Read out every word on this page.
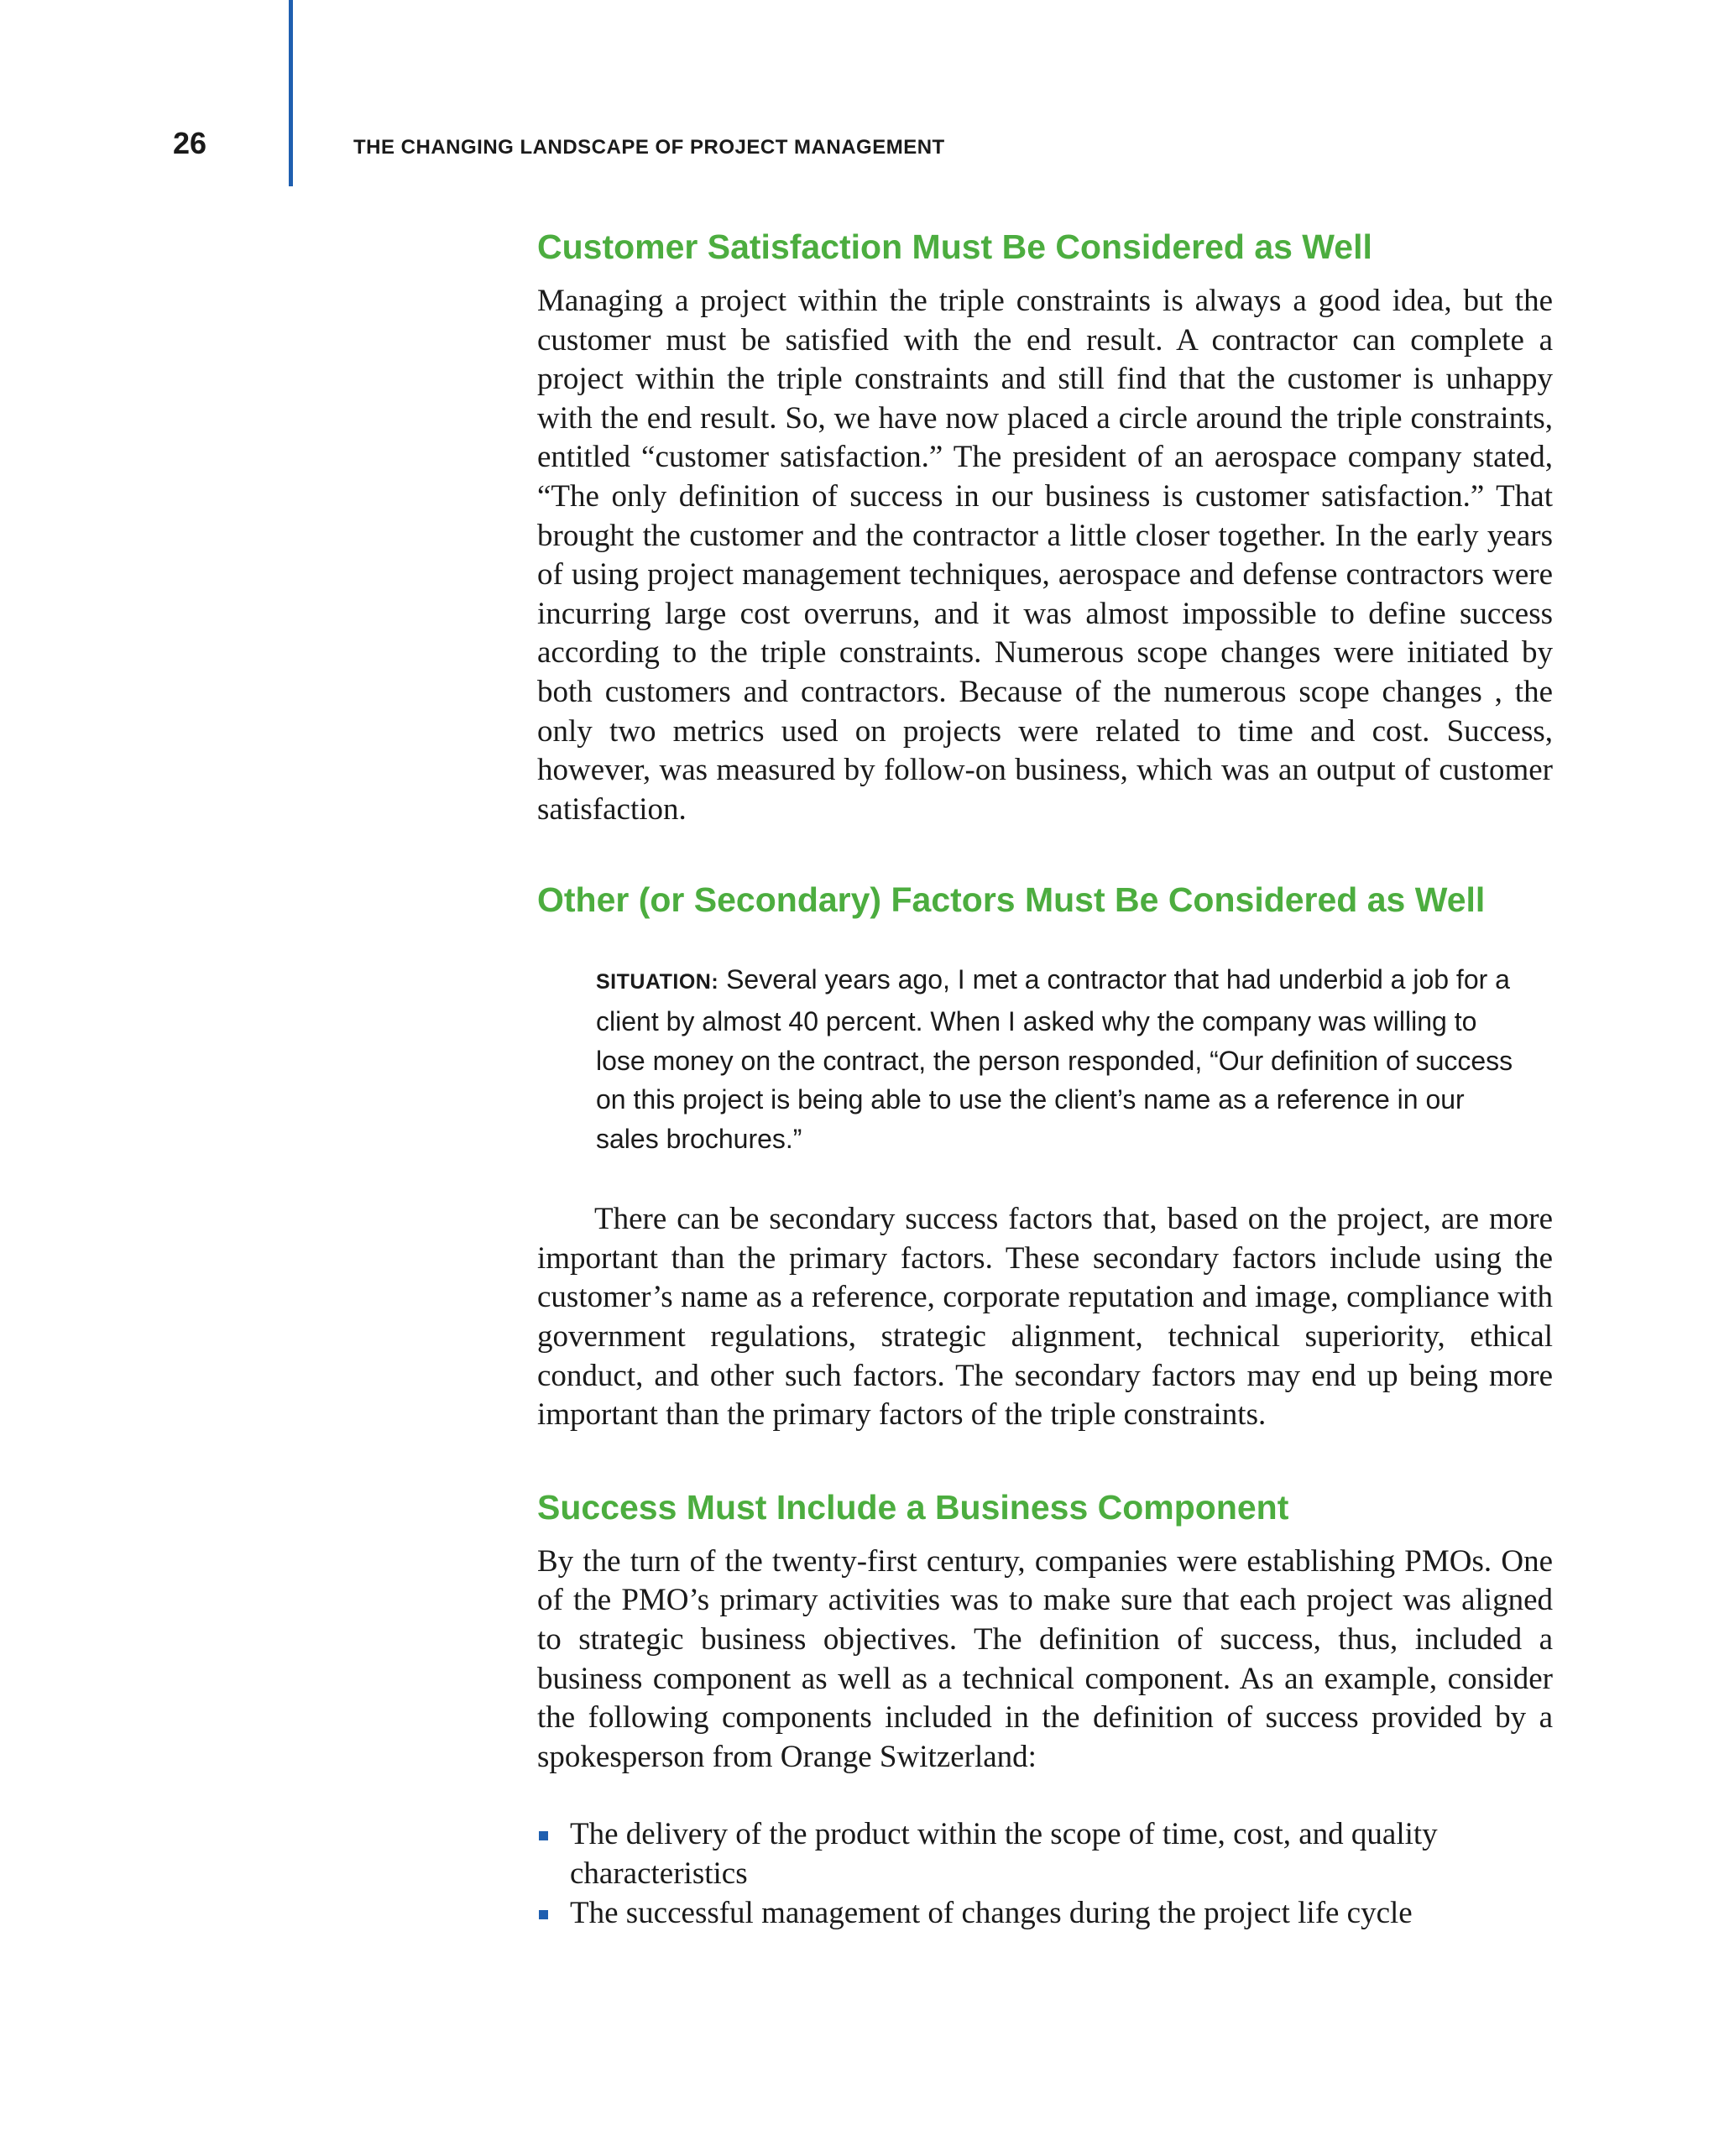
26	THE CHANGING LANDSCAPE OF PROJECT MANAGEMENT
Customer Satisfaction Must Be Considered as Well

Managing a project within the triple constraints is always a good idea, but the customer must be satisfied with the end result. A contractor can complete a project within the triple constraints and still find that the customer is unhappy with the end result. So, we have now placed a circle around the triple constraints, entitled “customer satisfaction.” The president of an aerospace company stated, “The only definition of success in our business is customer satisfaction.” That brought the customer and the contractor a little closer together. In the early years of using project management techniques, aerospace and defense contractors were incurring large cost overruns, and it was almost impossible to define success according to the triple constraints. Numerous scope changes were initiated by both customers and contractors. Because of the numerous scope changes , the only two metrics used on projects were related to time and cost. Success, however, was measured by follow-on business, which was an output of customer satisfaction.

Other (or Secondary) Factors Must Be Considered as Well
SITUATION: Several years ago, I met a contractor that had underbid a job for a client by almost 40 percent. When I asked why the company was willing to lose money on the contract, the person responded, “Our definition of success on this project is being able to use the client’s name as a reference in our sales brochures.”

There can be secondary success factors that, based on the project, are more important than the primary factors. These secondary factors include using the customer’s name as a reference, corporate reputation and image, compliance with government regulations, strategic alignment, technical superiority, ethical conduct, and other such factors. The secondary factors may end up being more important than the primary factors of the triple constraints.

Success Must Include a Business Component

By the turn of the twenty-first century, companies were establishing PMOs. One of the PMO’s primary activities was to make sure that each project was aligned to strategic business objectives. The definition of success, thus, included a business component as well as a technical component. As an example, consider the following components included in the definition of success provided by a spokesperson from Orange Switzerland:

The delivery of the product within the scope of time, cost, and quality characteristics
The successful management of changes during the project life cycle
